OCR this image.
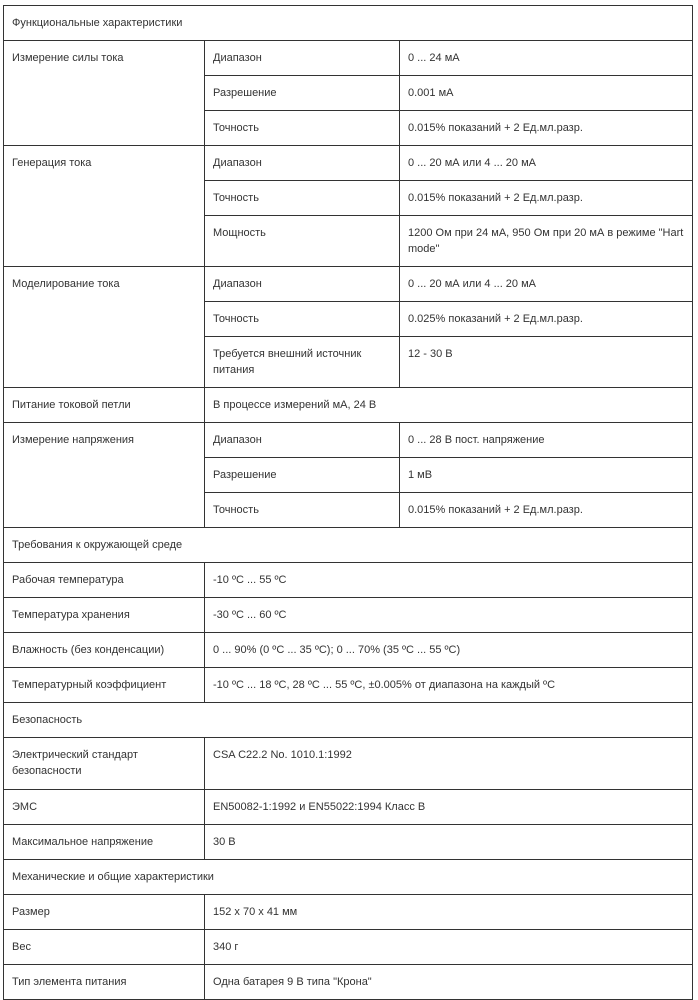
Функциональные характеристики		
Измерение силы тока	Диапазон	0 ... 24 мА
	Разрешение	0.001 мА
	Точность	0.015% показаний + 2 Ед.мл.разр.
Генерация тока	Диапазон	0 ... 20 мА или 4 ... 20 мА
	Точность	0.015% показаний + 2 Ед.мл.разр.
	Мощность	1200 Ом при 24 мА, 950 Ом при 20 мА в режиме "Hart mode"
Моделирование тока	Диапазон	0 ... 20 мА или 4 ... 20 мА
	Точность	0.025% показаний + 2 Ед.мл.разр.
	Требуется внешний источник питания	12 - 30 В
Питание токовой петли	В процессе измерений мА, 24 В	
Измерение напряжения	Диапазон	0 ... 28 В пост. напряжение
	Разрешение	1 мВ
	Точность	0.015% показаний + 2 Ед.мл.разр.
Требования к окружающей среде		
Рабочая температура	-10 ºC ... 55 ºC	
Температура хранения	-30 ºC ... 60 ºC	
Влажность (без конденсации)	0 ... 90% (0 ºC ... 35 ºC); 0 ... 70% (35 ºC ... 55 ºC)	
Температурный коэффициент	-10 ºC ... 18 ºC, 28 ºC ... 55 ºC, ±0.005% от диапазона на каждый ºC	
Безопасность		
Электрический стандарт безопасности	CSA C22.2 No. 1010.1:1992	
ЭМС	EN50082-1:1992 и EN55022:1994 Класс B	
Максимальное напряжение	30 В	
Механические и общие характеристики		
Размер	152 x 70 x 41 мм	
Вес	340 г	
Тип элемента питания	Одна батарея 9 В типа "Крона"	
